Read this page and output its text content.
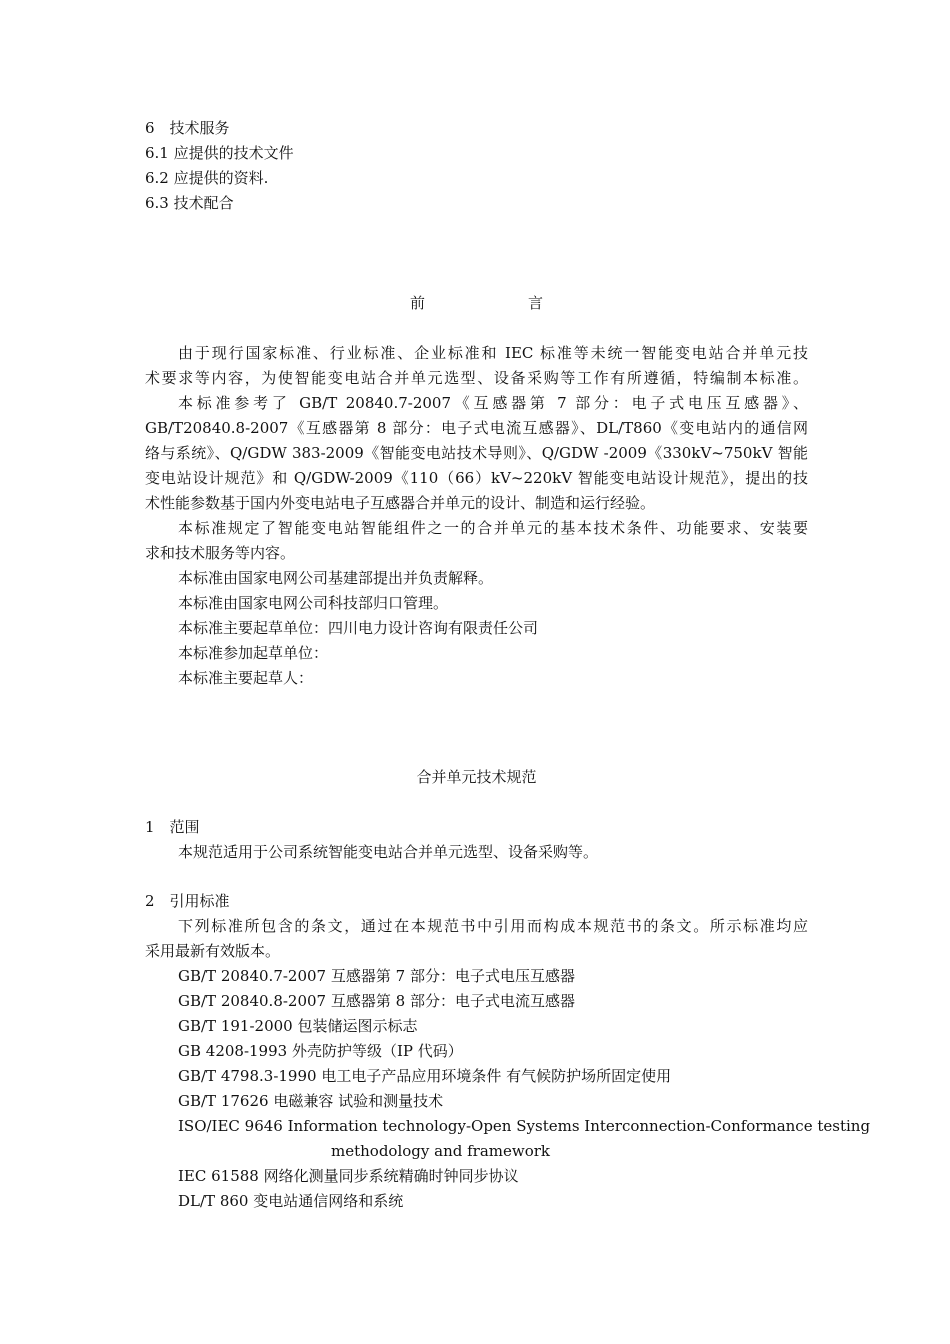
6　技术服务
6.1 应提供的技术文件
6.2 应提供的资料.
6.3 技术配合
前	言
由于现行国家标准、行业标准、企业标准和 IEC 标准等未统一智能变电站合并单元技
术要求等内容，为使智能变电站合并单元选型、设备采购等工作有所遵循，特编制本标准。
本标准参考了 GB/T 20840.7-2007《互感器第 7 部分：电子式电压互感器》、
GB/T20840.8-2007《互感器第 8 部分：电子式电流互感器》、DL/T860《变电站内的通信网
络与系统》、Q/GDW 383-2009《智能变电站技术导则》、Q/GDW -2009《330kV~750kV 智能
变电站设计规范》和 Q/GDW-2009《110（66）kV~220kV 智能变电站设计规范》，提出的技
术性能参数基于国内外变电站电子互感器合并单元的设计、制造和运行经验。
本标准规定了智能变电站智能组件之一的合并单元的基本技术条件、功能要求、安装要
求和技术服务等内容。
本标准由国家电网公司基建部提出并负责解释。
本标准由国家电网公司科技部归口管理。
本标准主要起草单位：四川电力设计咨询有限责任公司
本标准参加起草单位：
本标准主要起草人：
合并单元技术规范
1　范围
本规范适用于公司系统智能变电站合并单元选型、设备采购等。
2　引用标准
下列标准所包含的条文，通过在本规范书中引用而构成本规范书的条文。所示标准均应
采用最新有效版本。
GB/T 20840.7-2007 互感器第 7 部分：电子式电压互感器
GB/T 20840.8-2007 互感器第 8 部分：电子式电流互感器
GB/T 191-2000 包装储运图示标志
GB 4208-1993 外壳防护等级（IP 代码）
GB/T 4798.3-1990 电工电子产品应用环境条件 有气候防护场所固定使用
GB/T 17626 电磁兼容 试验和测量技术
ISO/IEC 9646 Information technology-Open Systems Interconnection-Conformance testing
methodology and framework
IEC 61588 网络化测量同步系统精确时钟同步协议
DL/T 860 变电站通信网络和系统
